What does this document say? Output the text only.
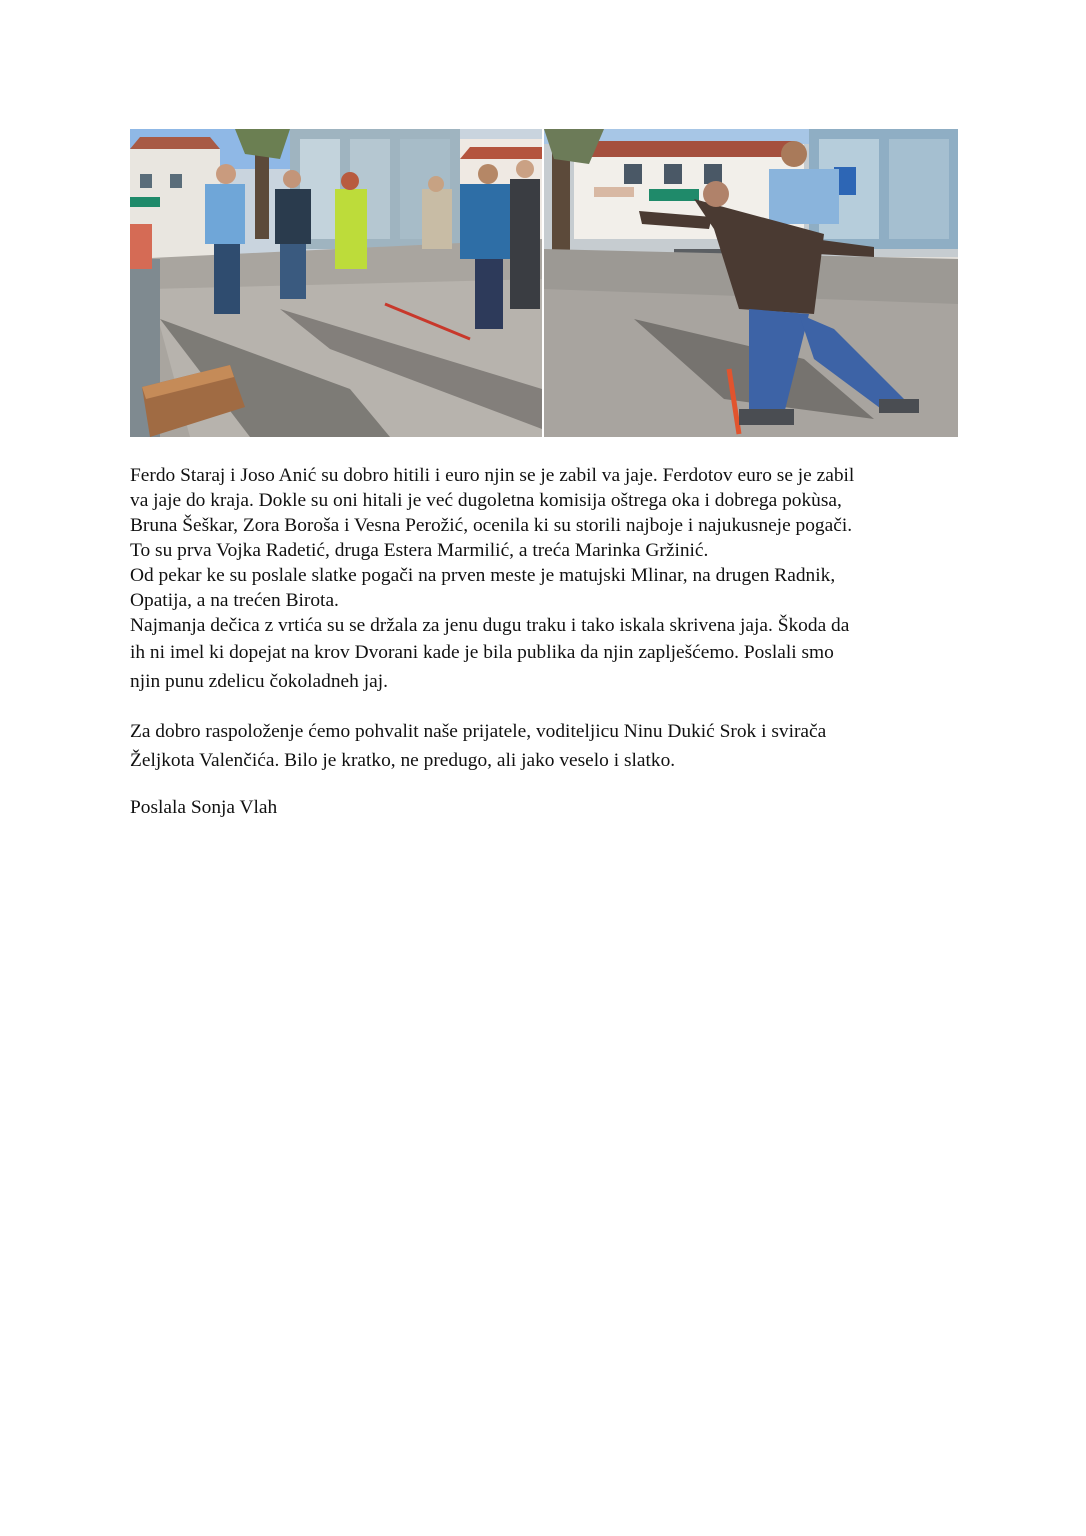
Ferdo Staraj i Joso Anić su dobro hitili i euro njin se je zabil va jaje. Ferdotov euro se je zabil
va jaje do kraja. Dokle su oni hitali je već dugoletna komisija oštrega oka i dobrega pokùsa,
Bruna Šeškar, Zora Boroša i Vesna Perožić, ocenila ki su storili najboje i najukusneje pogači.
To su prva Vojka Radetić, druga Estera Marmilić, a treća Marinka Gržinić.
Od pekar ke su poslale slatke pogači na prven meste je matujski Mlinar, na drugen Radnik,
Opatija, a na trećen Birota.
Najmanja dečica z vrtića su se držala za jenu dugu traku i tako iskala skrivena jaja. Škoda da
ih ni imel ki dopejat na krov Dvorani kade je bila publika da njin zaplješćemo. Poslali smo
njin punu zdelicu čokoladneh jaj.
Za dobro raspoloženje ćemo pohvalit naše prijatele, voditeljicu Ninu Dukić Srok i svirača
Željkota Valenčića. Bilo je kratko, ne predugo, ali jako veselo i slatko.
Poslala Sonja Vlah
